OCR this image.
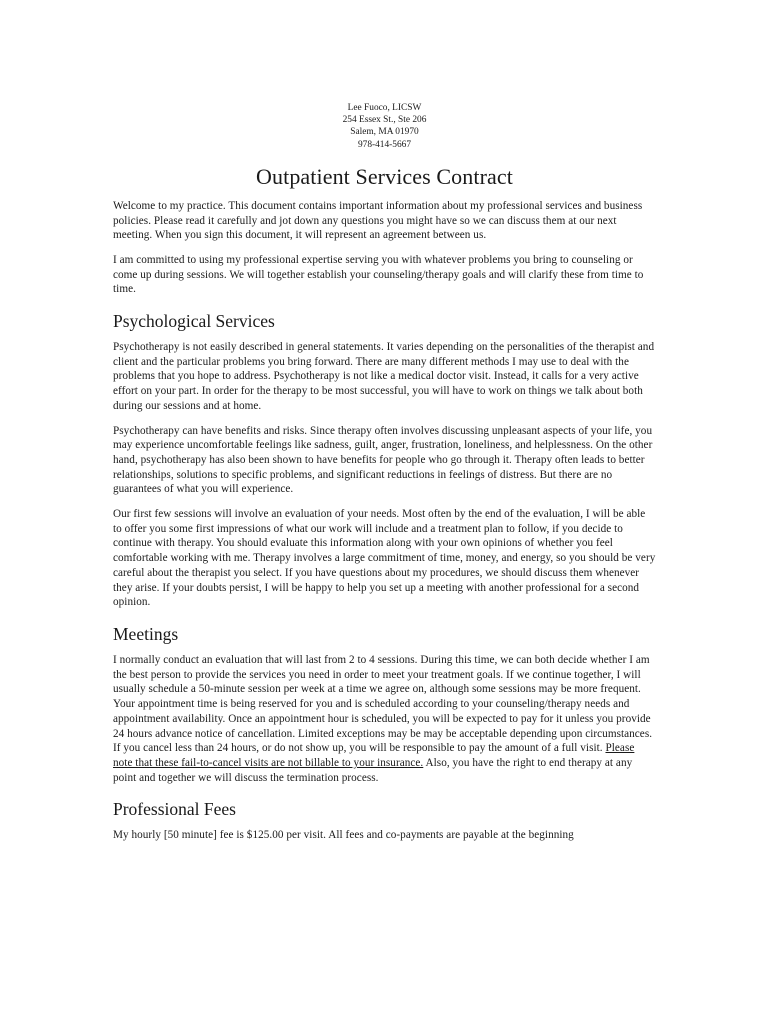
Lee Fuoco, LICSW
254 Essex St., Ste 206
Salem, MA 01970
978-414-5667
Outpatient Services Contract

Welcome to my practice. This document contains important information about my professional services and business policies. Please read it carefully and jot down any questions you might have so we can discuss them at our next meeting. When you sign this document, it will represent an agreement between us.

I am committed to using my professional expertise serving you with whatever problems you bring to counseling or come up during sessions. We will together establish your counseling/therapy goals and will clarify these from time to time.

Psychological Services

Psychotherapy is not easily described in general statements. It varies depending on the personalities of the therapist and client and the particular problems you bring forward. There are many different methods I may use to deal with the problems that you hope to address. Psychotherapy is not like a medical doctor visit. Instead, it calls for a very active effort on your part. In order for the therapy to be most successful, you will have to work on things we talk about both during our sessions and at home.

Psychotherapy can have benefits and risks. Since therapy often involves discussing unpleasant aspects of your life, you may experience uncomfortable feelings like sadness, guilt, anger, frustration, loneliness, and helplessness. On the other hand, psychotherapy has also been shown to have benefits for people who go through it. Therapy often leads to better relationships, solutions to specific problems, and significant reductions in feelings of distress. But there are no guarantees of what you will experience.

Our first few sessions will involve an evaluation of your needs. Most often by the end of the evaluation, I will be able to offer you some first impressions of what our work will include and a treatment plan to follow, if you decide to continue with therapy. You should evaluate this information along with your own opinions of whether you feel comfortable working with me. Therapy involves a large commitment of time, money, and energy, so you should be very careful about the therapist you select. If you have questions about my procedures, we should discuss them whenever they arise. If your doubts persist, I will be happy to help you set up a meeting with another professional for a second opinion.

Meetings

I normally conduct an evaluation that will last from 2 to 4 sessions. During this time, we can both decide whether I am the best person to provide the services you need in order to meet your treatment goals. If we continue together, I will usually schedule a 50-minute session per week at a time we agree on, although some sessions may be more frequent. Your appointment time is being reserved for you and is scheduled according to your counseling/therapy needs and appointment availability. Once an appointment hour is scheduled, you will be expected to pay for it unless you provide 24 hours advance notice of cancellation. Limited exceptions may be may be acceptable depending upon circumstances. If you cancel less than 24 hours, or do not show up, you will be responsible to pay the amount of a full visit. Please note that these fail-to-cancel visits are not billable to your insurance. Also, you have the right to end therapy at any point and together we will discuss the termination process.

Professional Fees

My hourly [50 minute] fee is $125.00 per visit. All fees and co-payments are payable at the beginning
